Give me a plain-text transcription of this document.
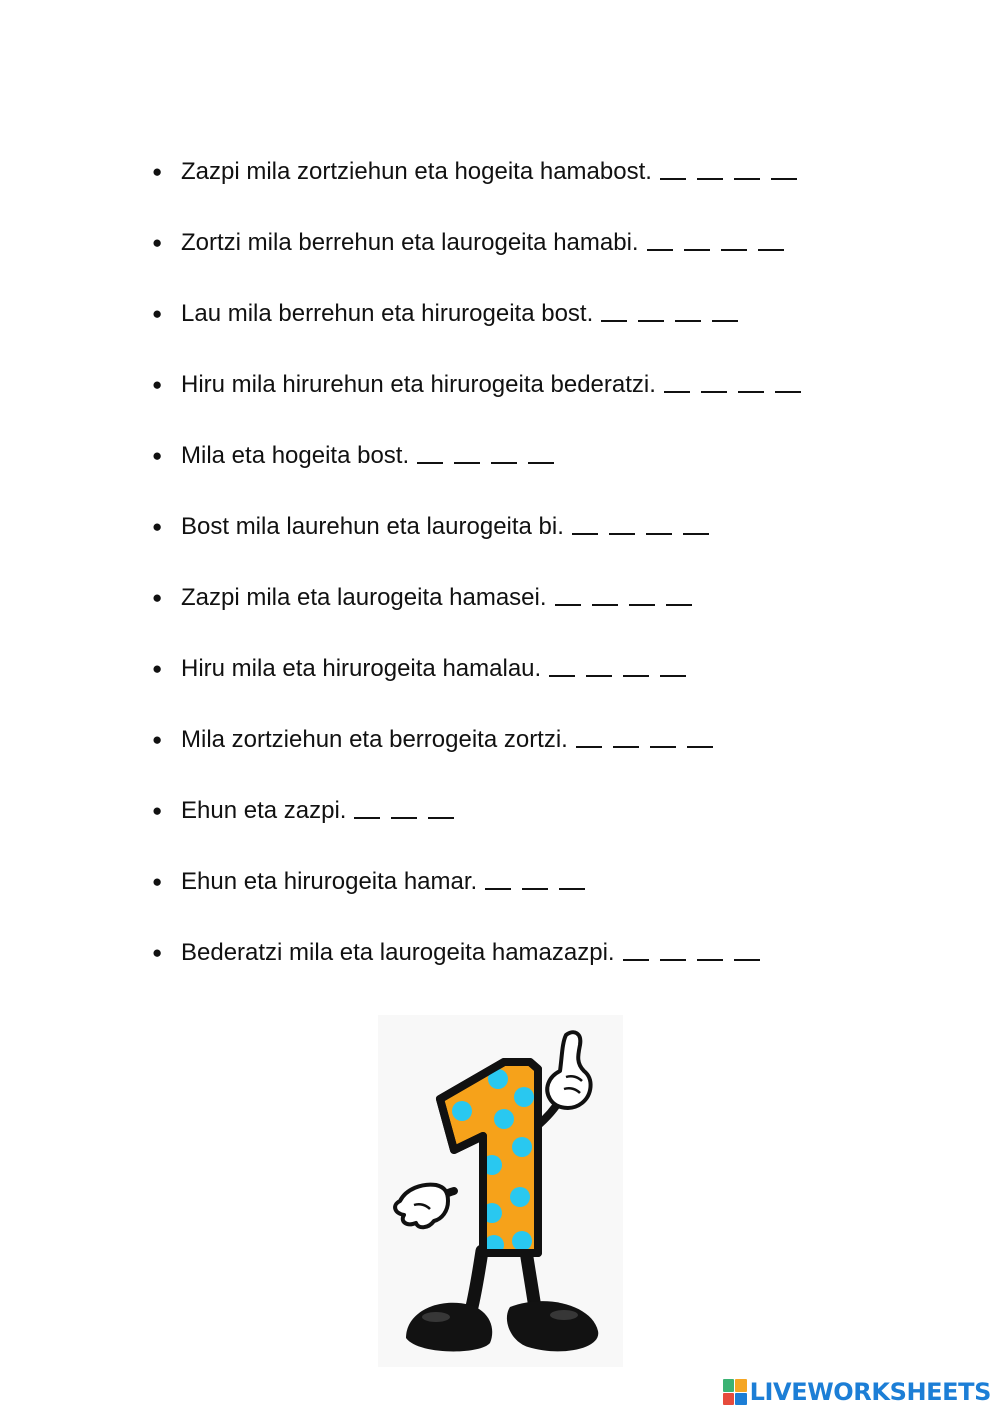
● Zazpi mila zortziehun eta hogeita hamabost.
● Zortzi mila berrehun eta laurogeita hamabi.
● Lau mila berrehun eta hirurogeita bost.
● Hiru mila hirurehun eta hirurogeita bederatzi.
● Mila eta hogeita bost.
● Bost mila laurehun eta laurogeita bi.
● Zazpi mila eta laurogeita hamasei.
● Hiru mila eta hirurogeita hamalau.
● Mila zortziehun eta berrogeita zortzi.
● Ehun eta zazpi.
● Ehun eta hirurogeita hamar.
● Bederatzi mila eta laurogeita hamazazpi.
LIVEWORKSHEETS
